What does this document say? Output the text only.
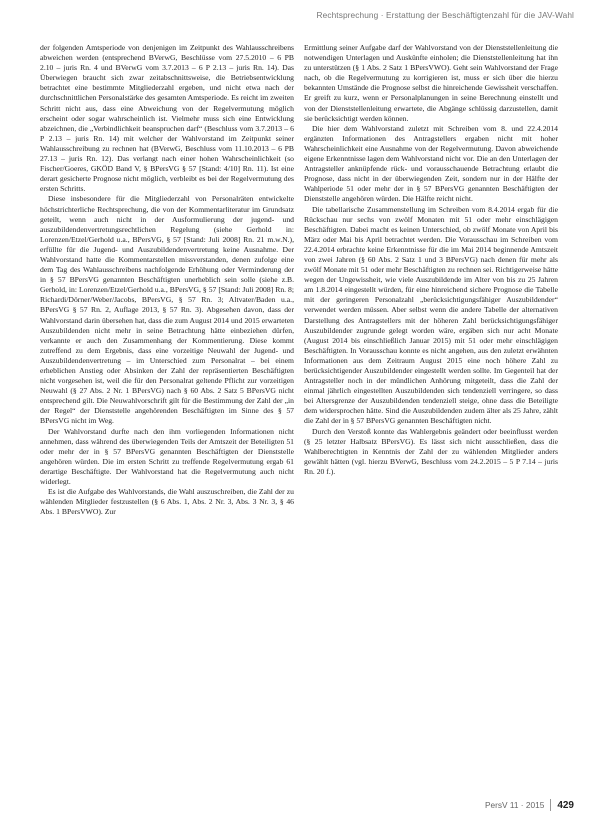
Rechtsprechung · Erstattung der Beschäftigtenzahl für die JAV-Wahl

der folgenden Amtsperiode von denjenigen im Zeitpunkt des Wahlausschreibens abweichen werden (entsprechend BVerwG, Beschlüsse vom 27.5.2010 – 6 PB 2.10 – juris Rn. 4 und BVerwG vom 3.7.2013 – 6 P 2.13 – juris Rn. 14). Das Überwiegen braucht sich zwar zeitabschnittsweise, die Betriebsentwicklung betrachtet eine bestimmte Mitgliederzahl ergeben, und nicht etwa nach der durchschnittlichen Personalstärke des gesamten Amtsperiode. Es reicht im zweiten Schritt nicht aus, dass eine Abweichung von der Regelvermutung möglich erscheint oder sogar wahrscheinlich ist. Vielmehr muss sich eine Entwicklung abzeichnen, die „Verbindlichkeit beanspruchen darf“ (Beschluss vom 3.7.2013 – 6 P 2.13 – juris Rn. 14) mit welcher der Wahlvorstand im Zeitpunkt seiner Wahlausschreibung zu rechnen hat (BVerwG, Beschluss vom 11.10.2013 – 6 PB 27.13 – juris Rn. 12). Das verlangt nach einer hohen Wahrscheinlichkeit (so Fischer/Goeres, GKÖD Band V, § BPersVG § 57 [Stand: 4/10] Rn. 11). Ist eine derart gesicherte Prognose nicht möglich, verbleibt es bei der Regelvermutung des ersten Schritts.

Diese insbesondere für die Mitgliederzahl von Personalräten entwickelte höchstrichterliche Rechtsprechung, die von der Kommentarliteratur im Grundsatz geteilt, wenn auch nicht in der Ausformulierung der jugend- und auszubildendenvertretungsrechtlichen Regelung (siehe Gerhold in: Lorenzen/Etzel/Gerhold u.a., BPersVG, § 57 [Stand: Juli 2008] Rn. 21 m.w.N.), erfüllte für die Jugend- und Auszubildendenvertretung keine Ausnahme. Der Wahlvorstand hatte die Kommentarstellen missverstanden, denen zufolge eine dem Tag des Wahlausschreibens nachfolgende Erhöhung oder Verminderung der in § 57 BPersVG genannten Beschäftigten unerheblich sein solle (siehe z.B. Gerhold, in: Lorenzen/Etzel/Gerhold u.a., BPersVG, § 57 [Stand: Juli 2008] Rn. 8; Richardi/Dörner/Weber/Jacobs, BPersVG, § 57 Rn. 3; Altvater/Baden u.a., BPersVG § 57 Rn. 2, Auflage 2013, § 57 Rn. 3). Abgesehen davon, dass der Wahlvorstand darin übersehen hat, dass die zum August 2014 und 2015 erwarteten Auszubildenden nicht mehr in seine Betrachtung hätte einbeziehen dürfen, verkannte er auch den Zusammenhang der Kommentierung. Diese kommt zutreffend zu dem Ergebnis, dass eine vorzeitige Neuwahl der Jugend- und Auszubildendenvertretung – im Unterschied zum Personalrat – bei einem erheblichen Anstieg oder Absinken der Zahl der repräsentierten Beschäftigten nicht vorgesehen ist, weil die für den Personalrat geltende Pflicht zur vorzeitigen Neuwahl (§ 27 Abs. 2 Nr. 1 BPersVG) nach § 60 Abs. 2 Satz 5 BPersVG nicht entsprechend gilt. Die Neuwahlvorschrift gilt für die Bestimmung der Zahl der „in der Regel“ der Dienststelle angehörenden Beschäftigten im Sinne des § 57 BPersVG nicht im Weg.

Der Wahlvorstand durfte nach den ihm vorliegenden Informationen nicht annehmen, dass während des überwiegenden Teils der Amtszeit der Beteiligten 51 oder mehr der in § 57 BPersVG genannten Beschäftigten der Dienststelle angehören würden. Die im ersten Schritt zu treffende Regelvermutung ergab 61 derartige Beschäftigte. Der Wahlvorstand hat die Regelvermutung auch nicht widerlegt.

Es ist die Aufgabe des Wahlvorstands, die Wahl auszuschreiben, die Zahl der zu wählenden Mitglieder festzustellen (§ 6 Abs. 1, Abs. 2 Nr. 3, Abs. 3 Nr. 3, § 46 Abs. 1 BPersVWO). Zur

Ermittlung seiner Aufgabe darf der Wahlvorstand von der Dienststellenleitung die notwendigen Unterlagen und Auskünfte einholen; die Dienststellenleitung hat ihn zu unterstützen (§ 1 Abs. 2 Satz 1 BPersVWO). Geht sein Wahlvorstand der Frage nach, ob die Regelvermutung zu korrigieren ist, muss er sich über die hierzu bekannten Umstände die Prognose selbst die hinreichende Gewissheit verschaffen. Er greift zu kurz, wenn er Personalplanungen in seine Berechnung einstellt und von der Dienststellenleitung erwartete, die Abgänge schlüssig darzustellen, damit sie berücksichtigt werden können.

Die hier dem Wahlvorstand zuletzt mit Schreiben vom 8. und 22.4.2014 ergänzten Informationen des Antragstellers ergaben nicht mit hoher Wahrscheinlichkeit eine Ausnahme von der Regelvermutung. Davon abweichende eigene Erkenntnisse lagen dem Wahlvorstand nicht vor. Die an den Unterlagen der Antragsteller anknüpfende rück- und vorausschauende Betrachtung erlaubt die Prognose, dass nicht in der überwiegenden Zeit, sondern nur in der Hälfte der Wahlperiode 51 oder mehr der in § 57 BPersVG genannten Beschäftigten der Dienststelle angehören würden. Die Hälfte reicht nicht.

Die tabellarische Zusammenstellung im Schreiben vom 8.4.2014 ergab für die Rückschau nur sechs von zwölf Monaten mit 51 oder mehr einschlägigen Beschäftigten. Dabei macht es keinen Unterschied, ob zwölf Monate von April bis März oder Mai bis April betrachtet werden. Die Vorausschau im Schreiben vom 22.4.2014 erbrachte keine Erkenntnisse für die im Mai 2014 beginnende Amtszeit von zwei Jahren (§ 60 Abs. 2 Satz 1 und 3 BPersVG) nach denen für mehr als zwölf Monate mit 51 oder mehr Beschäftigten zu rechnen sei. Richtigerweise hätte wegen der Ungewissheit, wie viele Auszubildende im Alter von bis zu 25 Jahren am 1.8.2014 eingestellt würden, für eine hinreichend sichere Prognose die Tabelle mit der geringeren Personalzahl „berücksichtigungsfähiger Auszubildender“ verwendet werden müssen. Aber selbst wenn die andere Tabelle der alternativen Darstellung des Antragstellers mit der höheren Zahl berücksichtigungsfähiger Auszubildender zugrunde gelegt worden wäre, ergäben sich nur acht Monate (August 2014 bis einschließlich Januar 2015) mit 51 oder mehr einschlägigen Beschäftigten. In Vorausschau konnte es nicht angehen, aus den zuletzt erwähnten Informationen aus dem Zeitraum August 2015 eine noch höhere Zahl zu berücksichtigender Auszubildender eingestellt werden sollte. Im Gegenteil hat der Antragsteller noch in der mündlichen Anhörung mitgeteilt, dass die Zahl der einmal jährlich eingestellten Auszubildenden sich tendenziell verringere, so dass bei Altersgrenze der Auszubildenden tendenziell steige, ohne dass die Beteiligte dem widersprochen hätte. Sind die Auszubildenden zudem älter als 25 Jahre, zählt die Zahl der in § 57 BPersVG genannten Beschäftigten nicht.

Durch den Verstoß konnte das Wahlergebnis geändert oder beeinflusst werden (§ 25 letzter Halbsatz BPersVG). Es lässt sich nicht ausschließen, dass die Wahlberechtigten in Kenntnis der Zahl der zu wählenden Mitglieder anders gewählt hätten (vgl. hierzu BVerwG, Beschluss vom 24.2.2015 – 5 P 7.14 – juris Rn. 20 f.).

PersV 11 · 2015 429
